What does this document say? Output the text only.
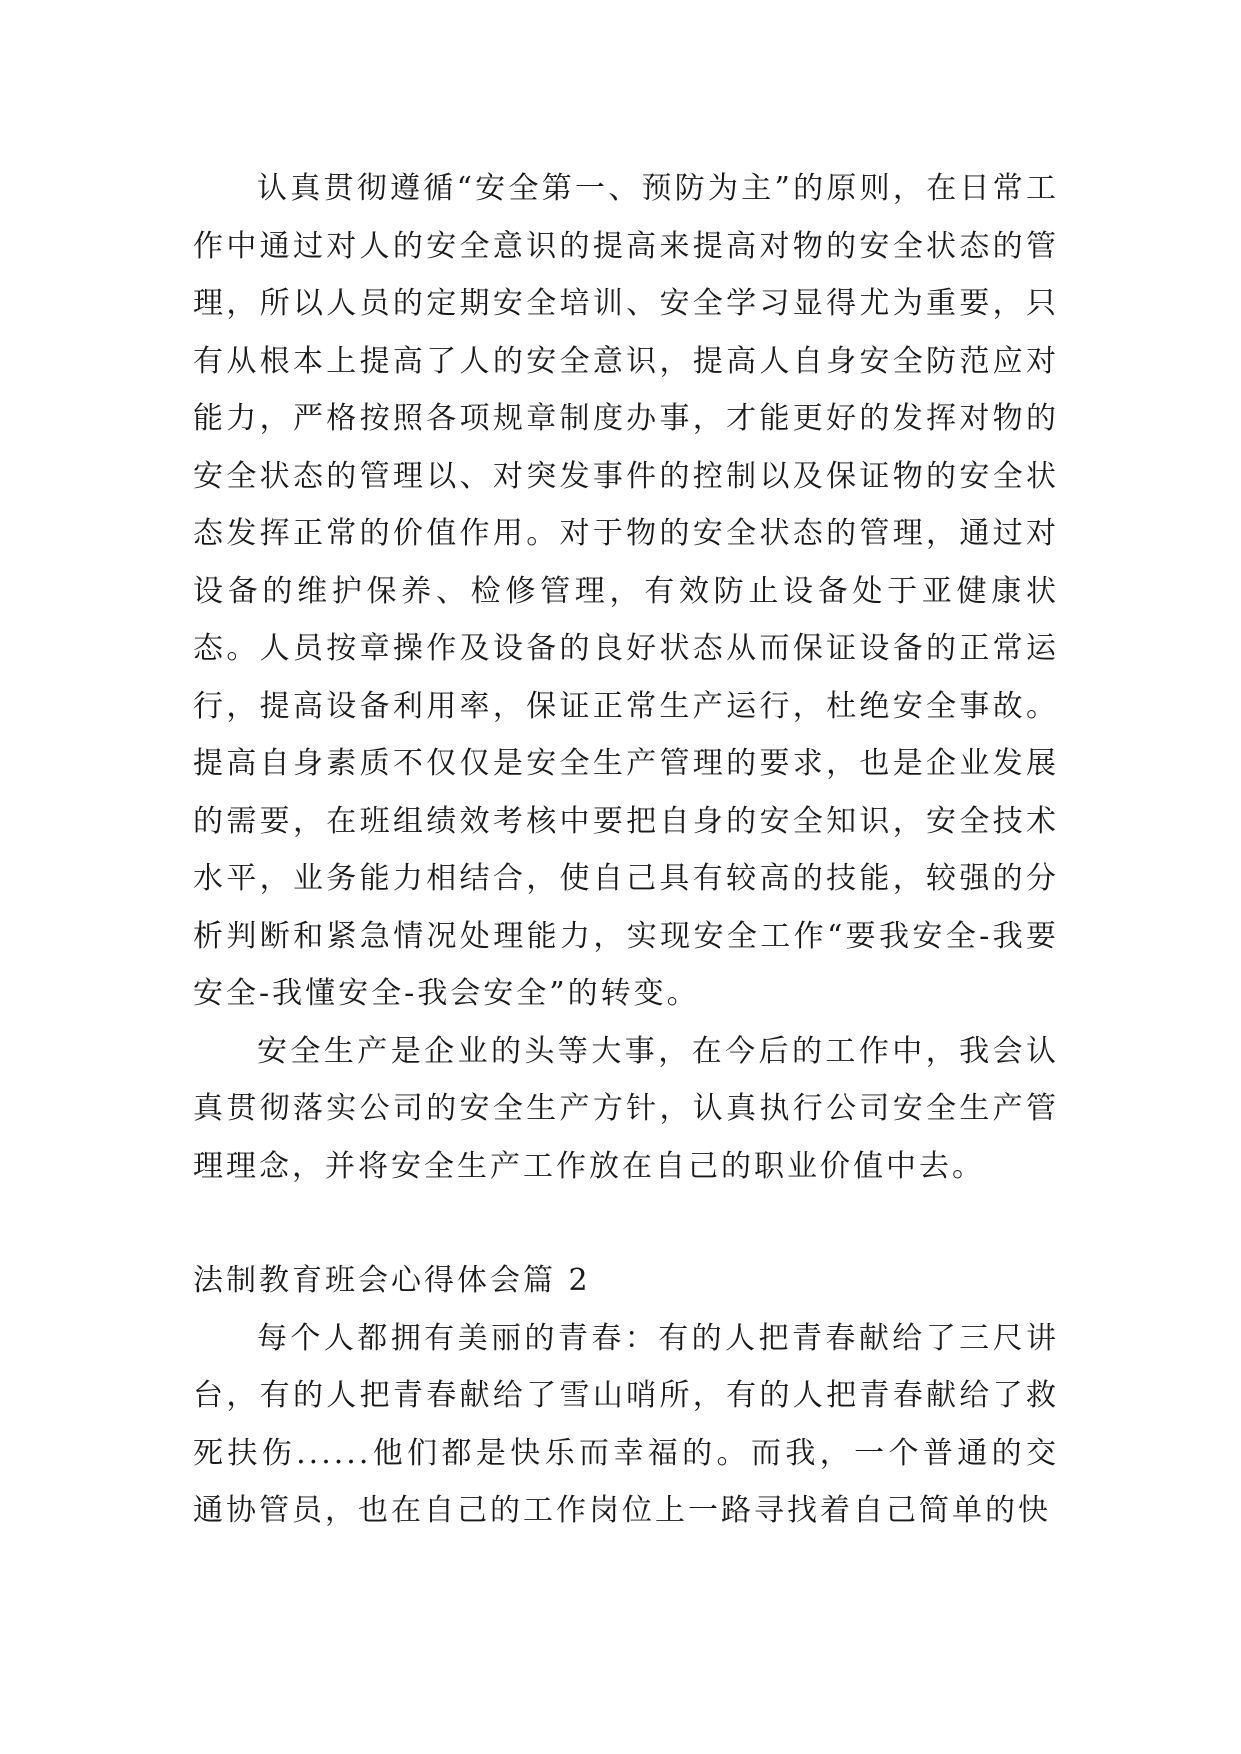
认真贯彻遵循“安全第一、预防为主”的原则，在日常工作中通过对人的安全意识的提高来提高对物的安全状态的管理，所以人员的定期安全培训、安全学习显得尤为重要，只有从根本上提高了人的安全意识，提高人自身安全防范应对能力，严格按照各项规章制度办事，才能更好的发挥对物的安全状态的管理以、对突发事件的控制以及保证物的安全状态发挥正常的价值作用。对于物的安全状态的管理，通过对设备的维护保养、检修管理，有效防止设备处于亚健康状态。人员按章操作及设备的良好状态从而保证设备的正常运行，提高设备利用率，保证正常生产运行，杜绝安全事故。提高自身素质不仅仅是安全生产管理的要求，也是企业发展的需要，在班组绩效考核中要把自身的安全知识，安全技术水平，业务能力相结合，使自己具有较高的技能，较强的分析判断和紧急情况处理能力，实现安全工作“要我安全-我要安全-我懂安全-我会安全”的转变。

安全生产是企业的头等大事，在今后的工作中，我会认真贯彻落实公司的安全生产方针，认真执行公司安全生产管理理念，并将安全生产工作放在自己的职业价值中去。

法制教育班会心得体会篇 2

每个人都拥有美丽的青春：有的人把青春献给了三尺讲台，有的人把青春献给了雪山哨所，有的人把青春献给了救死扶伤......他们都是快乐而幸福的。而我，一个普通的交通协管员，也在自己的工作岗位上一路寻找着自己简单的快
